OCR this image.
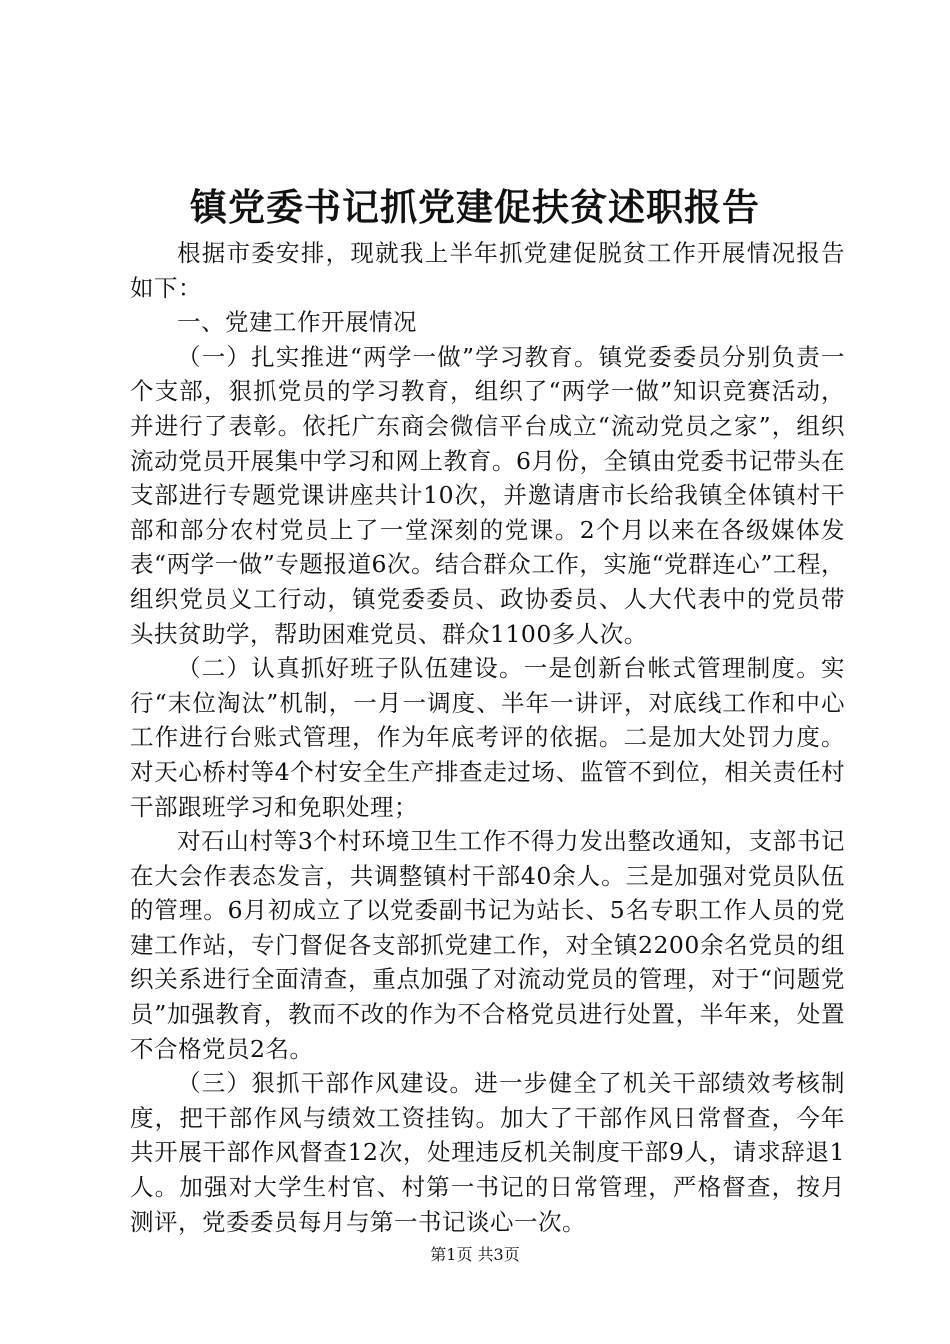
镇党委书记抓党建促扶贫述职报告

根据市委安排，现就我上半年抓党建促脱贫工作开展情况报告如下：

一、党建工作开展情况

（一）扎实推进“两学一做”学习教育。镇党委委员分别负责一个支部，狠抓党员的学习教育，组织了“两学一做”知识竞赛活动，并进行了表彰。依托广东商会微信平台成立“流动党员之家”，组织流动党员开展集中学习和网上教育。6月份，全镇由党委书记带头在支部进行专题党课讲座共计10次，并邀请唐市长给我镇全体镇村干部和部分农村党员上了一堂深刻的党课。2个月以来在各级媒体发表“两学一做”专题报道6次。结合群众工作，实施“党群连心”工程，组织党员义工行动，镇党委委员、政协委员、人大代表中的党员带头扶贫助学，帮助困难党员、群众1100多人次。

（二）认真抓好班子队伍建设。一是创新台帐式管理制度。实行“末位淘汰”机制，一月一调度、半年一讲评，对底线工作和中心工作进行台账式管理，作为年底考评的依据。二是加大处罚力度。对天心桥村等4个村安全生产排查走过场、监管不到位，相关责任村干部跟班学习和免职处理；

对石山村等3个村环境卫生工作不得力发出整改通知，支部书记在大会作表态发言，共调整镇村干部40余人。三是加强对党员队伍的管理。6月初成立了以党委副书记为站长、5名专职工作人员的党建工作站，专门督促各支部抓党建工作，对全镇2200余名党员的组织关系进行全面清查，重点加强了对流动党员的管理，对于“问题党员”加强教育，教而不改的作为不合格党员进行处置，半年来，处置不合格党员2名。

（三）狠抓干部作风建设。进一步健全了机关干部绩效考核制度，把干部作风与绩效工资挂钩。加大了干部作风日常督查，今年共开展干部作风督查12次，处理违反机关制度干部9人，请求辞退1人。加强对大学生村官、村第一书记的日常管理，严格督查，按月测评，党委委员每月与第一书记谈心一次。

第1页 共3页
